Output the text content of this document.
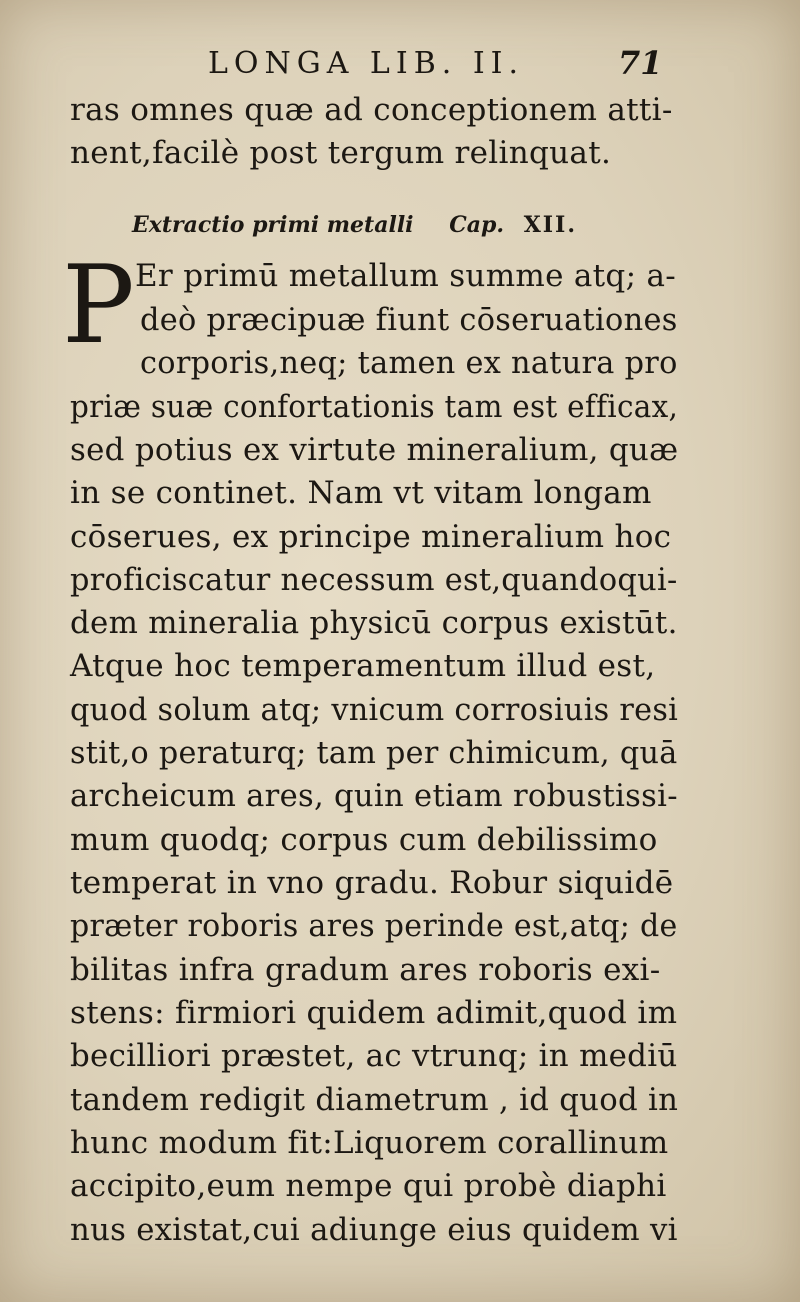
LONGA LIB. II.	71
ras omnes quæ ad conceptionem atti-
nent,facilè post tergum relinquat.
Extractio primi metalli Cap. XII.
P Er primū metallum summe atq; a-
deò præcipuæ fiunt cōseruationes
corporis,neq; tamen ex natura pro
priæ suæ confortationis tam est efficax,
sed potius ex virtute mineralium, quæ
in se continet. Nam vt vitam longam
cōserues, ex principe mineralium hoc
proficiscatur necessum est,quandoqui-
dem mineralia physicū corpus existūt.
Atque hoc temperamentum illud est,
quod solum atq; vnicum corrosiuis resi
stit,o peraturq; tam per chimicum, quā
archeicum ares, quin etiam robustissi-
mum quodq; corpus cum debilissimo
temperat in vno gradu. Robur siquidē
præter roboris ares perinde est,atq; de
bilitas infra gradum ares roboris exi-
stens: firmiori quidem adimit,quod im
becilliori præstet, ac vtrunq; in mediū
tandem redigit diametrum , id quod in
hunc modum fit:Liquorem corallinum
accipito,eum nempe qui probè diaphi
nus existat,cui adiunge eius quidem vi
